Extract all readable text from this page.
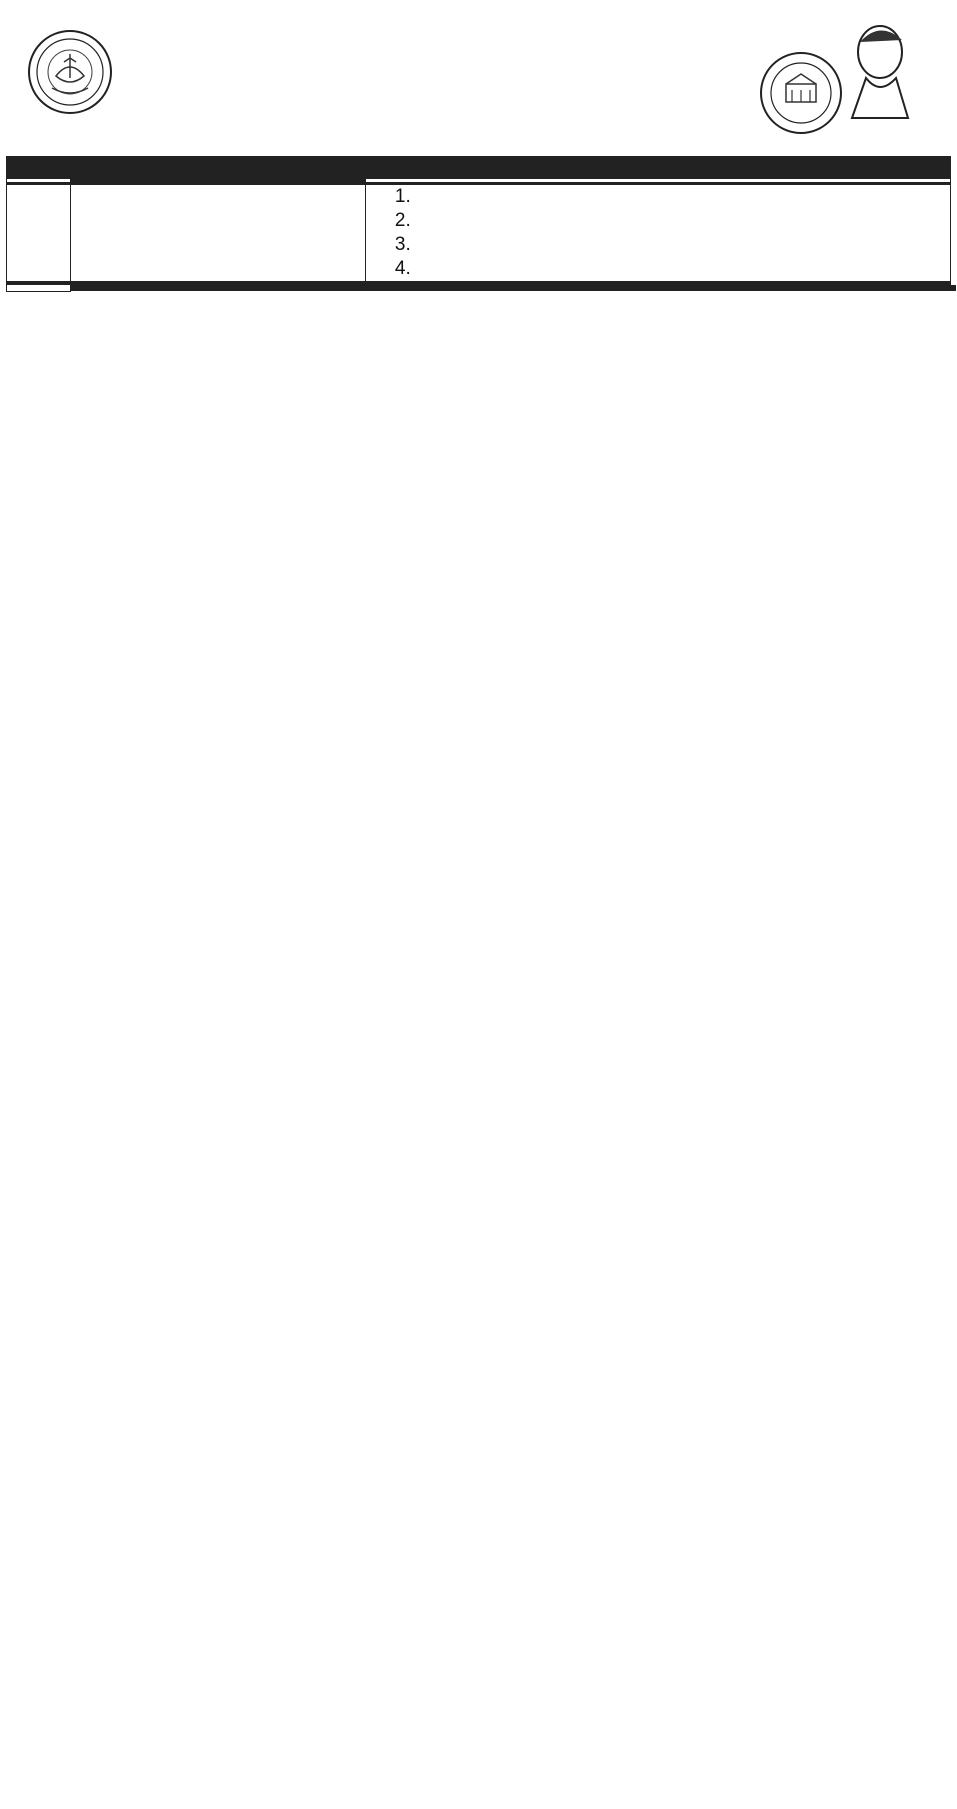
1.
2.
3.
4.
